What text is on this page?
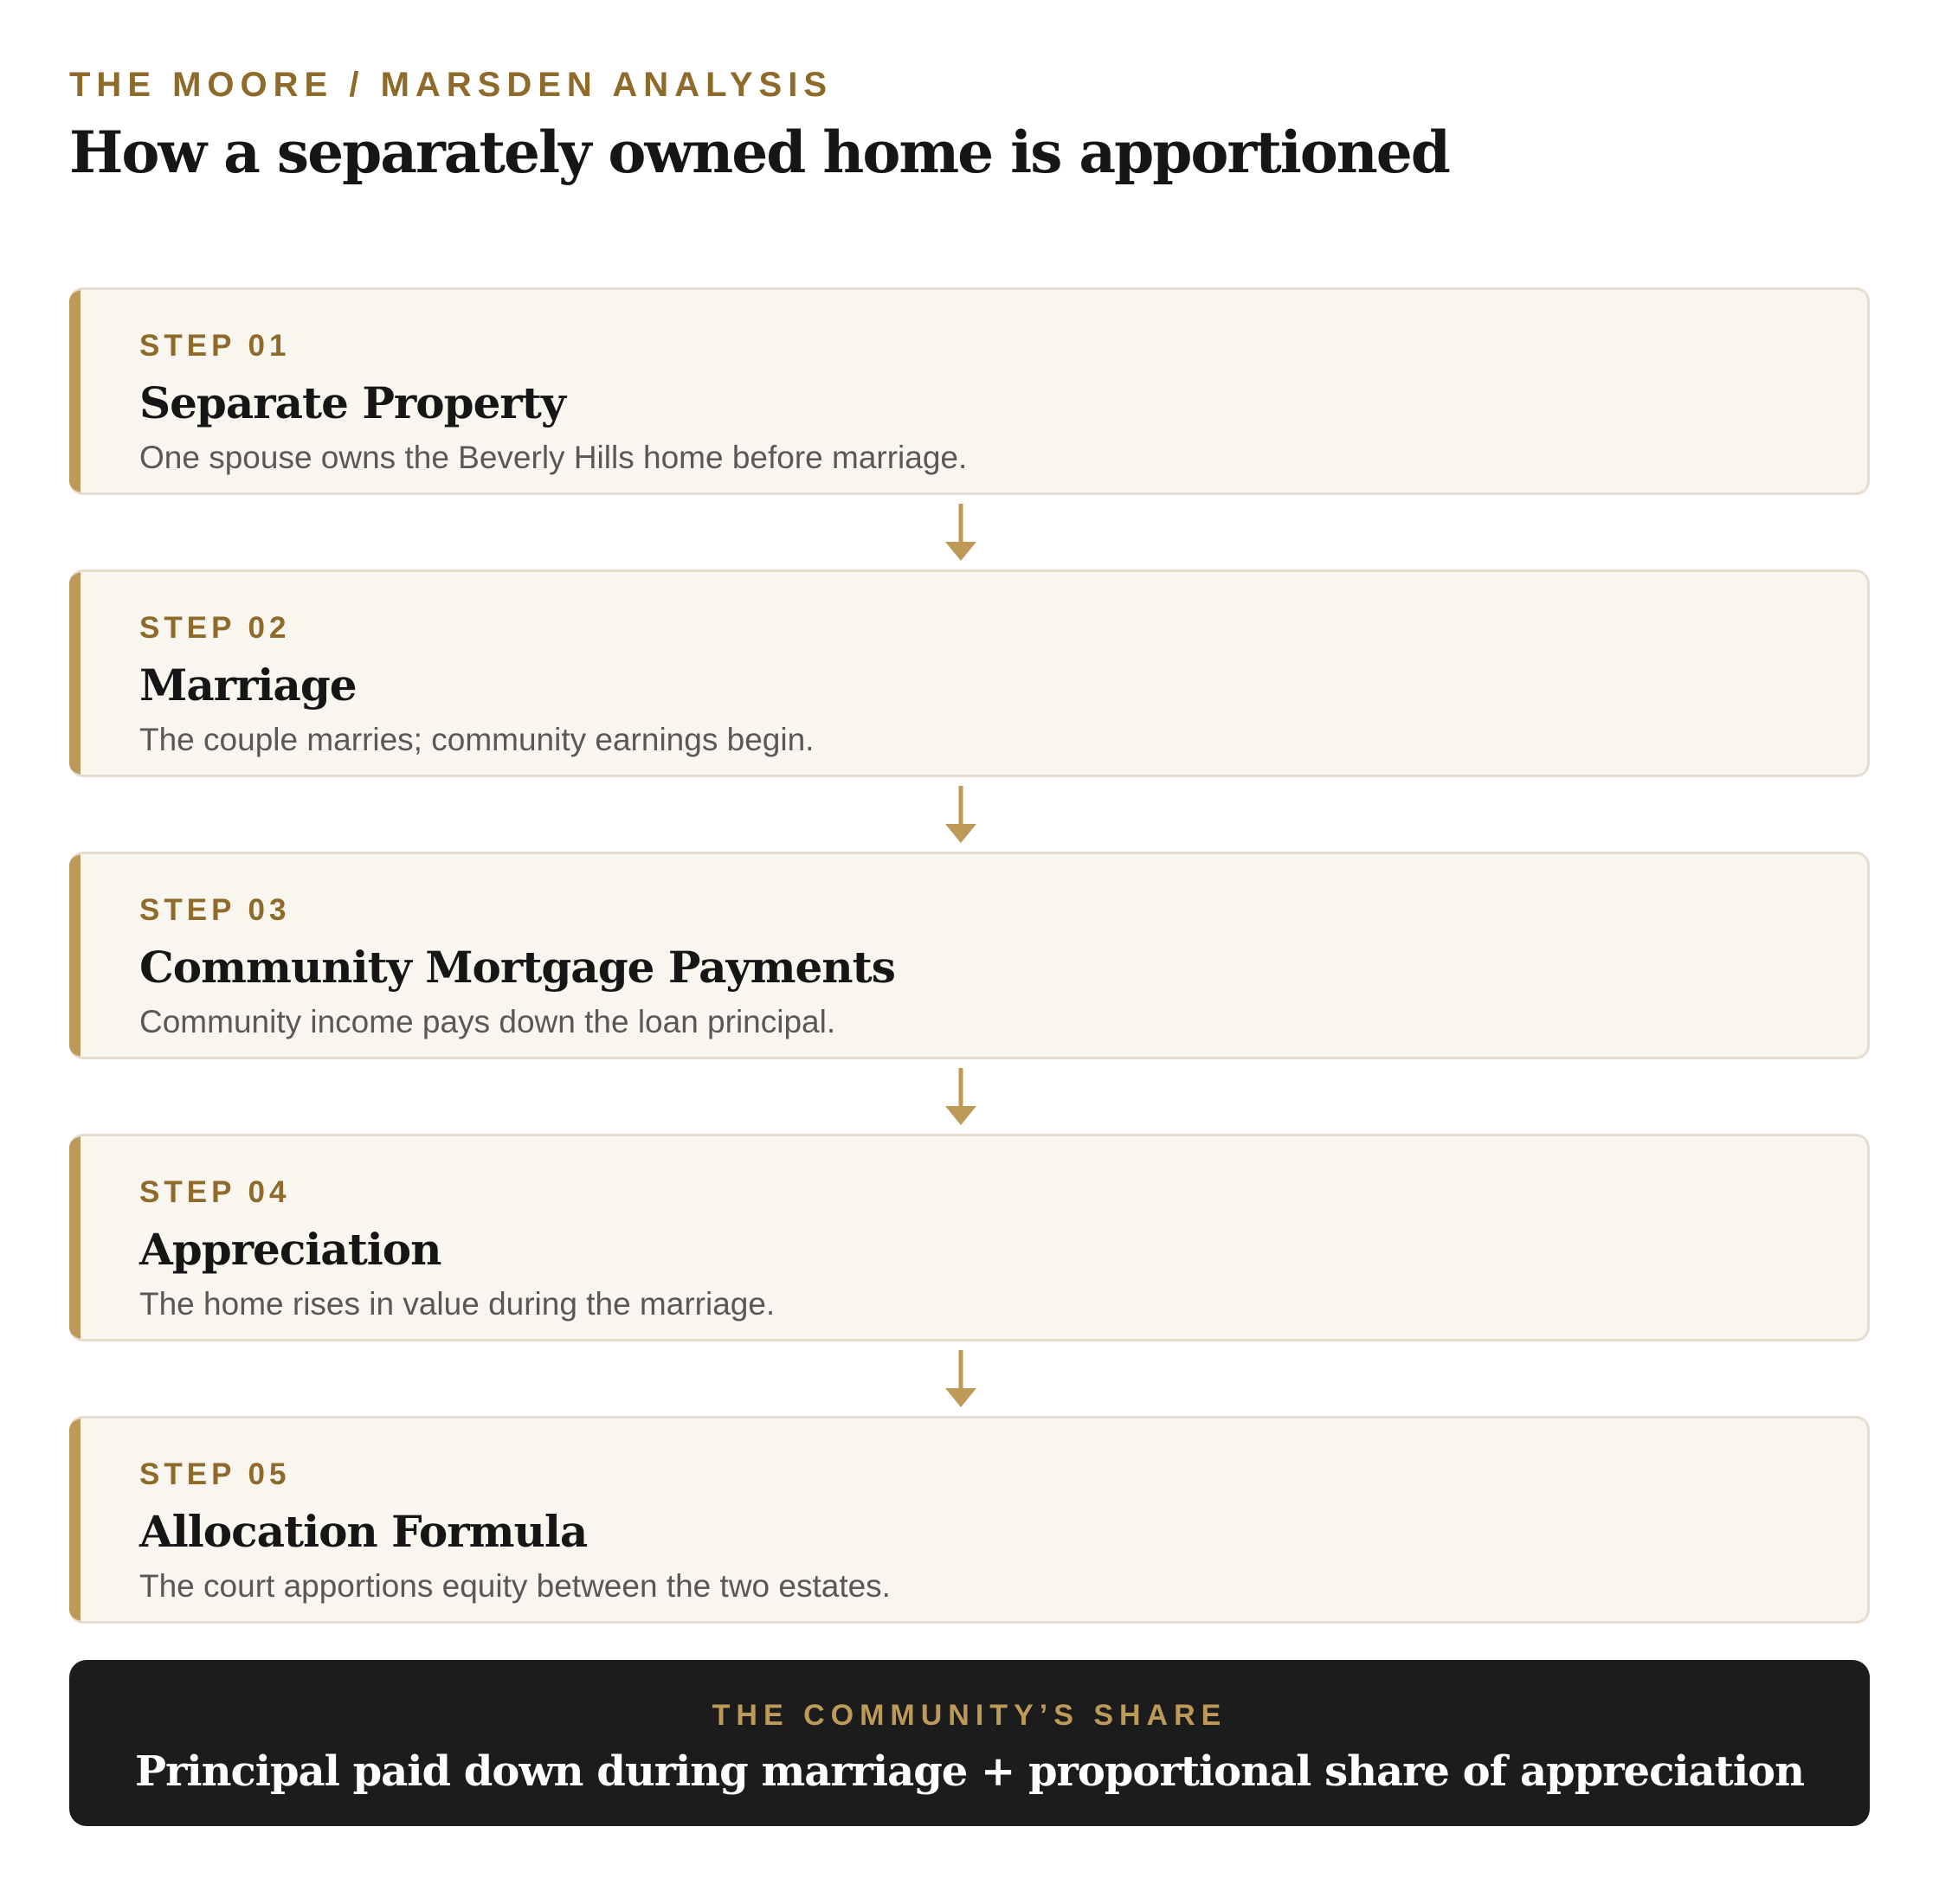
THE MOORE / MARSDEN ANALYSIS
How a separately owned home is apportioned
STEP 01
Separate Property
One spouse owns the Beverly Hills home before marriage.
STEP 02
Marriage
The couple marries; community earnings begin.
STEP 03
Community Mortgage Payments
Community income pays down the loan principal.
STEP 04
Appreciation
The home rises in value during the marriage.
STEP 05
Allocation Formula
The court apportions equity between the two estates.
THE COMMUNITY’S SHARE
Principal paid down during marriage + proportional share of appreciation
